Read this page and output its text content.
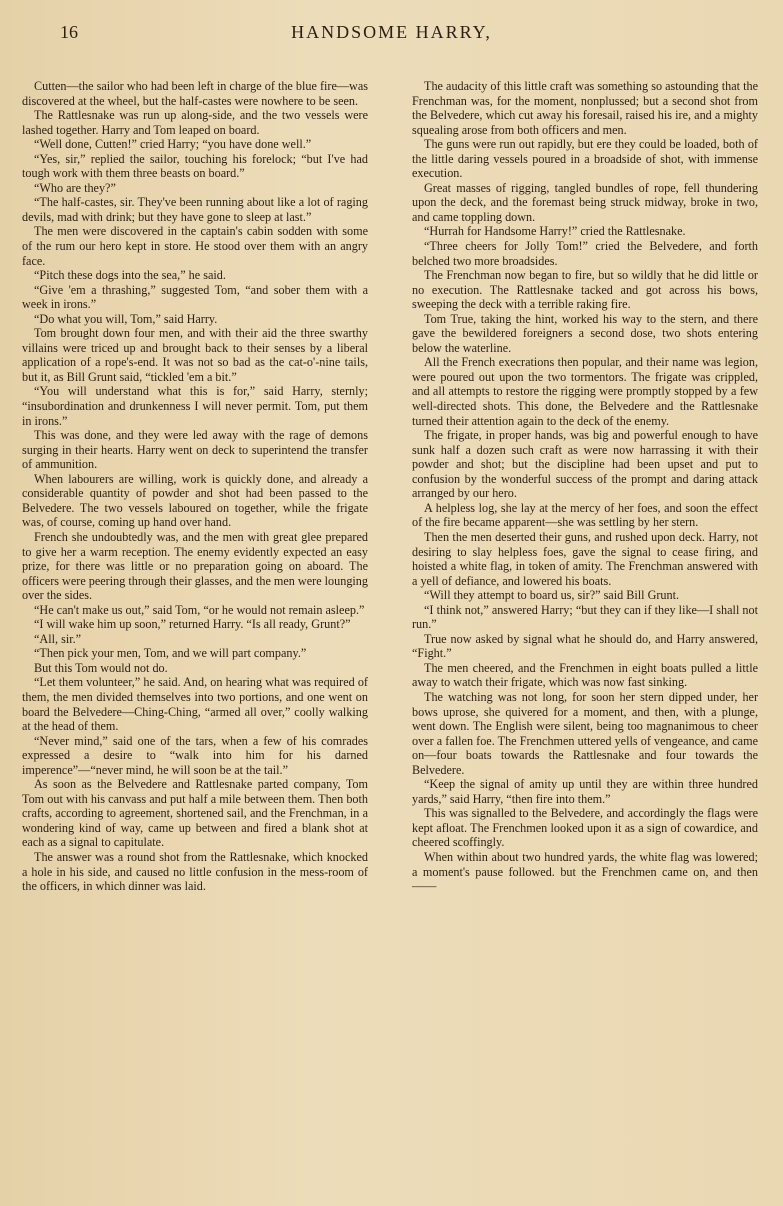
16	HANDSOME HARRY,

Cutten—the sailor who had been left in charge of the blue fire—was discovered at the wheel, but the half-castes were nowhere to be seen.

The Rattlesnake was run up along-side, and the two vessels were lashed together. Harry and Tom leaped on board.

“Well done, Cutten!” cried Harry; “you have done well.”

“Yes, sir,” replied the sailor, touching his forelock; “but I've had tough work with them three beasts on board.”

“Who are they?”

“The half-castes, sir. They've been running about like a lot of raging devils, mad with drink; but they have gone to sleep at last.”

The men were discovered in the captain's cabin sodden with some of the rum our hero kept in store. He stood over them with an angry face.

“Pitch these dogs into the sea,” he said.

“Give 'em a thrashing,” suggested Tom, “and sober them with a week in irons.”

“Do what you will, Tom,” said Harry.

Tom brought down four men, and with their aid the three swarthy villains were triced up and brought back to their senses by a liberal application of a rope's-end. It was not so bad as the cat-o'-nine tails, but it, as Bill Grunt said, “tickled 'em a bit.”

“You will understand what this is for,” said Harry, sternly; “insubordination and drunkenness I will never permit. Tom, put them in irons.”

This was done, and they were led away with the rage of demons surging in their hearts. Harry went on deck to superintend the transfer of ammunition.

When labourers are willing, work is quickly done, and already a considerable quantity of powder and shot had been passed to the Belvedere. The two vessels laboured on together, while the frigate was, of course, coming up hand over hand.

French she undoubtedly was, and the men with great glee prepared to give her a warm reception. The enemy evidently expected an easy prize, for there was little or no preparation going on aboard. The officers were peering through their glasses, and the men were lounging over the sides.

“He can't make us out,” said Tom, “or he would not remain asleep.”

“I will wake him up soon,” returned Harry. “Is all ready, Grunt?”

“All, sir.”

“Then pick your men, Tom, and we will part company.”

But this Tom would not do.

“Let them volunteer,” he said. And, on hearing what was required of them, the men divided themselves into two portions, and one went on board the Belvedere—Ching-Ching, “armed all over,” coolly walking at the head of them.

“Never mind,” said one of the tars, when a few of his comrades expressed a desire to “walk into him for his darned imperence”—“never mind, he will soon be at the tail.”

As soon as the Belvedere and Rattlesnake parted company, Tom Tom out with his canvass and put half a mile between them. Then both crafts, according to agreement, shortened sail, and the Frenchman, in a wondering kind of way, came up between and fired a blank shot at each as a signal to capitulate.

The answer was a round shot from the Rattlesnake, which knocked a hole in his side, and caused no little confusion in the mess-room of the officers, in which dinner was laid.

The audacity of this little craft was something so astounding that the Frenchman was, for the moment, nonplussed; but a second shot from the Belvedere, which cut away his foresail, raised his ire, and a mighty squealing arose from both officers and men.

The guns were run out rapidly, but ere they could be loaded, both of the little daring vessels poured in a broadside of shot, with immense execution.

Great masses of rigging, tangled bundles of rope, fell thundering upon the deck, and the foremast being struck midway, broke in two, and came toppling down.

“Hurrah for Handsome Harry!” cried the Rattlesnake.

“Three cheers for Jolly Tom!” cried the Belvedere, and forth belched two more broadsides.

The Frenchman now began to fire, but so wildly that he did little or no execution. The Rattlesnake tacked and got across his bows, sweeping the deck with a terrible raking fire.

Tom True, taking the hint, worked his way to the stern, and there gave the bewildered foreigners a second dose, two shots entering below the waterline.

All the French execrations then popular, and their name was legion, were poured out upon the two tormentors. The frigate was crippled, and all attempts to restore the rigging were promptly stopped by a few well-directed shots. This done, the Belvedere and the Rattlesnake turned their attention again to the deck of the enemy.

The frigate, in proper hands, was big and powerful enough to have sunk half a dozen such craft as were now harrassing it with their powder and shot; but the discipline had been upset and put to confusion by the wonderful success of the prompt and daring attack arranged by our hero.

A helpless log, she lay at the mercy of her foes, and soon the effect of the fire became apparent—she was settling by her stern.

Then the men deserted their guns, and rushed upon deck. Harry, not desiring to slay helpless foes, gave the signal to cease firing, and hoisted a white flag, in token of amity. The Frenchman answered with a yell of defiance, and lowered his boats.

“Will they attempt to board us, sir?” said Bill Grunt.

“I think not,” answered Harry; “but they can if they like—I shall not run.”

True now asked by signal what he should do, and Harry answered, “Fight.”

The men cheered, and the Frenchmen in eight boats pulled a little away to watch their frigate, which was now fast sinking.

The watching was not long, for soon her stern dipped under, her bows uprose, she quivered for a moment, and then, with a plunge, went down. The English were silent, being too magnanimous to cheer over a fallen foe. The Frenchmen uttered yells of vengeance, and came on—four boats towards the Rattlesnake and four towards the Belvedere.

“Keep the signal of amity up until they are within three hundred yards,” said Harry, “then fire into them.”

This was signalled to the Belvedere, and accordingly the flags were kept afloat. The Frenchmen looked upon it as a sign of cowardice, and cheered scoffingly.

When within about two hundred yards, the white flag was lowered; a moment's pause followed. but the Frenchmen came on, and then——
